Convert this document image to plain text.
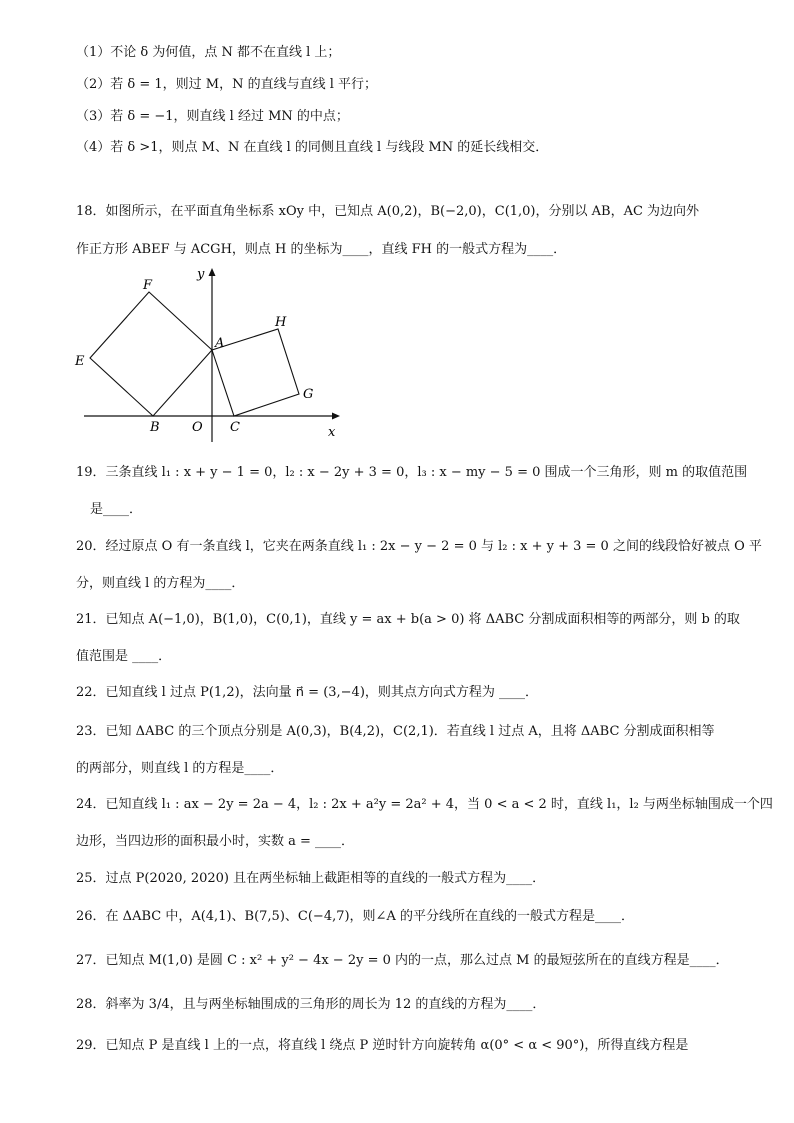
（1）不论 δ 为何值，点 N 都不在直线 l 上；
（2）若 δ = 1，则过 M，N 的直线与直线 l 平行；
（3）若 δ = −1，则直线 l 经过 MN 的中点；
（4）若 δ >1，则点 M、N 在直线 l 的同侧且直线 l 与线段 MN 的延长线相交．
18．如图所示，在平面直角坐标系 xOy 中，已知点 A(0,2)，B(−2,0)，C(1,0)，分别以 AB，AC 为边向外
作正方形 ABEF 与 ACGH，则点 H 的坐标为____，直线 FH 的一般式方程为____．
19．三条直线 l₁ : x + y − 1 = 0，l₂ : x − 2y + 3 = 0，l₃ : x − my − 5 = 0 围成一个三角形，则 m 的取值范围
是____．
20．经过原点 O 有一条直线 l，它夹在两条直线 l₁ : 2x − y − 2 = 0 与 l₂ : x + y + 3 = 0 之间的线段恰好被点 O 平
分，则直线 l 的方程为____．
21．已知点 A(−1,0)，B(1,0)，C(0,1)，直线 y = ax + b(a > 0) 将 ΔABC 分割成面积相等的两部分，则 b 的取
值范围是 ____．
22．已知直线 l 过点 P(1,2)，法向量 n⃗ = (3,−4)，则其点方向式方程为 ____．
23．已知 ΔABC 的三个顶点分别是 A(0,3)，B(4,2)，C(2,1)．若直线 l 过点 A，且将 ΔABC 分割成面积相等
的两部分，则直线 l 的方程是____．
24．已知直线 l₁ : ax − 2y = 2a − 4，l₂ : 2x + a²y = 2a² + 4，当 0 < a < 2 时，直线 l₁，l₂ 与两坐标轴围成一个四
边形，当四边形的面积最小时，实数 a = ____．
25．过点 P(2020, 2020) 且在两坐标轴上截距相等的直线的一般式方程为____．
26．在 ΔABC 中，A(4,1)、B(7,5)、C(−4,7)，则∠A 的平分线所在直线的一般式方程是____．
27．已知点 M(1,0) 是圆 C : x² + y² − 4x − 2y = 0 内的一点，那么过点 M 的最短弦所在的直线方程是____．
28．斜率为 3/4，且与两坐标轴围成的三角形的周长为 12 的直线的方程为____．
29．已知点 P 是直线 l 上的一点，将直线 l 绕点 P 逆时针方向旋转角 α(0° < α < 90°)，所得直线方程是
y
x
F
H
E
A
G
B O C
